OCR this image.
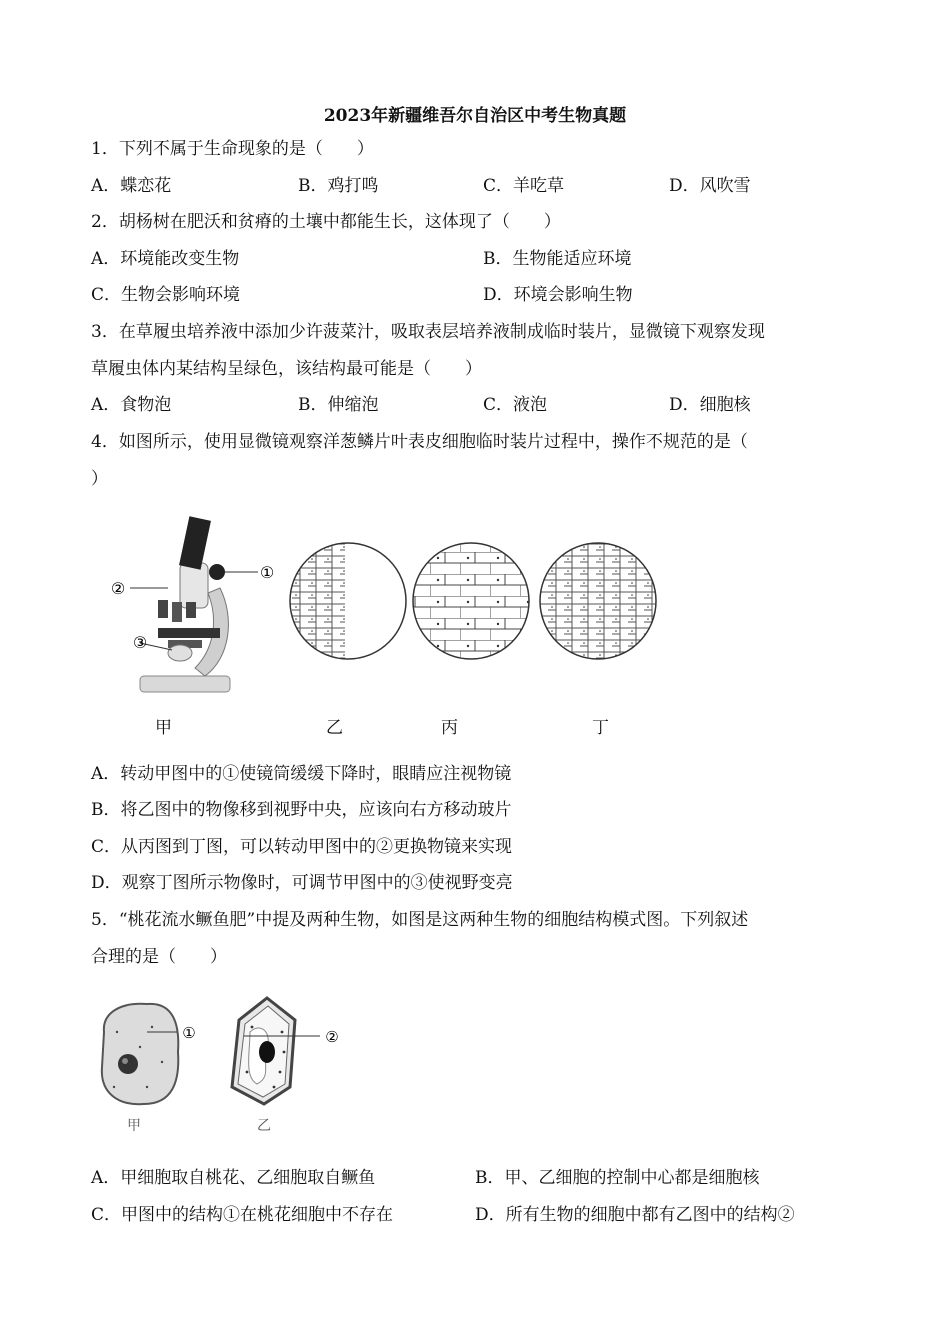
2023年新疆维吾尔自治区中考生物真题
1．下列不属于生命现象的是（　　）
A．蝶恋花	B．鸡打鸣	C．羊吃草	D．风吹雪
2．胡杨树在肥沃和贫瘠的土壤中都能生长，这体现了（　　）
A．环境能改变生物	B．生物能适应环境
C．生物会影响环境	D．环境会影响生物
3．在草履虫培养液中添加少许菠菜汁，吸取表层培养液制成临时装片，显微镜下观察发现
草履虫体内某结构呈绿色，该结构最可能是（　　）
A．食物泡	B．伸缩泡	C．液泡	D．细胞核
4．如图所示，使用显微镜观察洋葱鳞片叶表皮细胞临时装片过程中，操作不规范的是（
）
①
②
③
甲	乙	丙	丁
A．转动甲图中的①使镜筒缓缓下降时，眼睛应注视物镜
B．将乙图中的物像移到视野中央，应该向右方移动玻片
C．从丙图到丁图，可以转动甲图中的②更换物镜来实现
D．观察丁图所示物像时，可调节甲图中的③使视野变亮
5．“桃花流水鳜鱼肥”中提及两种生物，如图是这两种生物的细胞结构模式图。下列叙述
合理的是（　　）
①	②
甲	乙
A．甲细胞取自桃花、乙细胞取自鳜鱼	B．甲、乙细胞的控制中心都是细胞核
C．甲图中的结构①在桃花细胞中不存在	D．所有生物的细胞中都有乙图中的结构②
